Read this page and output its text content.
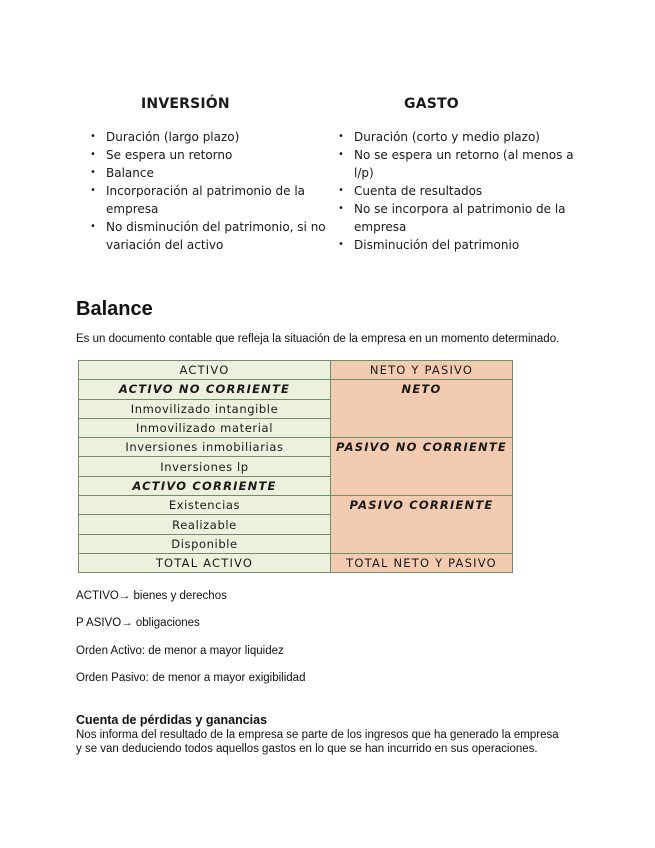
INVERSIÓN
• Duración (largo plazo)
• Se espera un retorno
• Balance
• Incorporación al patrimonio de la empresa
• No disminución del patrimonio, si no variación del activo
GASTO
• Duración (corto y medio plazo)
• No se espera un retorno (al menos a l/p)
• Cuenta de resultados
• No se incorpora al patrimonio de la empresa
• Disminución del patrimonio
Balance

Es un documento contable que refleja la situación de la empresa en un momento determinado.

ACTIVO	NETO Y PASIVO
ACTIVO NO CORRIENTE	NETO
Inmovilizado intangible	
Inmovilizado material	
Inversiones inmobiliarias	PASIVO NO CORRIENTE
Inversiones lp	
ACTIVO CORRIENTE	
Existencias	PASIVO CORRIENTE
Realizable	
Disponible	
TOTAL ACTIVO	TOTAL NETO Y PASIVO

ACTIVO→ bienes y derechos

P ASIVO→ obligaciones

Orden Activo: de menor a mayor liquidez

Orden Pasivo: de menor a mayor exigibilidad

Cuenta de pérdidas y ganancias

Nos informa del resultado de la empresa se parte de los ingresos que ha generado la empresa

y se van deduciendo todos aquellos gastos en lo que se han incurrido en sus operaciones.
